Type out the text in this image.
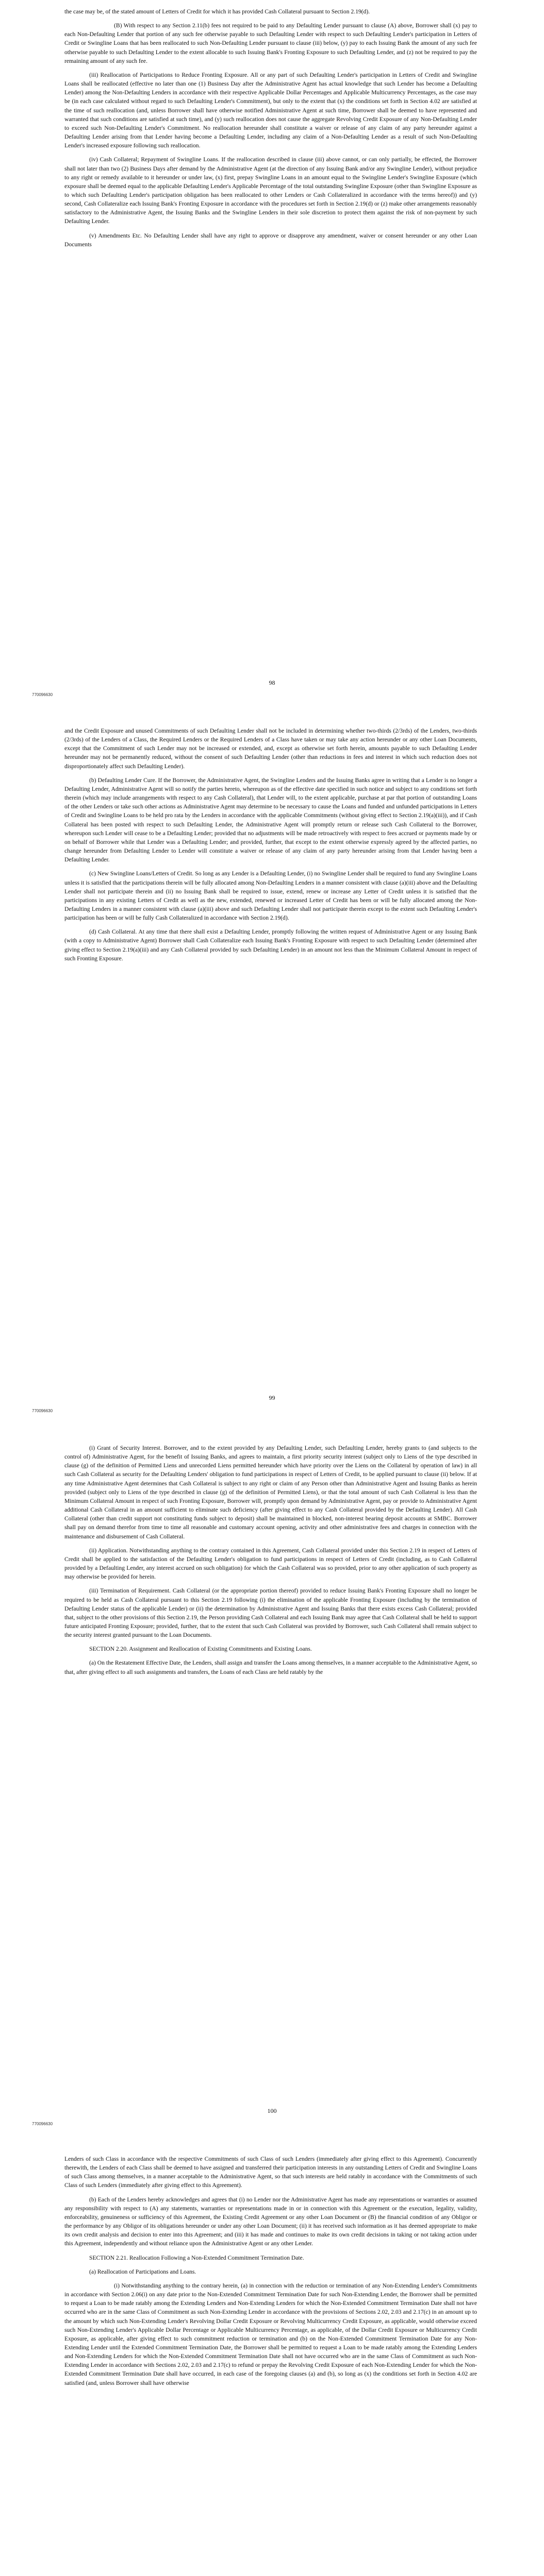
the case may be, of the stated amount of Letters of Credit for which it has provided Cash Collateral pursuant to Section 2.19(d).

(B) With respect to any Section 2.11(b) fees not required to be paid to any Defaulting Lender pursuant to clause (A) above, Borrower shall (x) pay to each Non-Defaulting Lender that portion of any such fee otherwise payable to such Defaulting Lender with respect to such Defaulting Lender's participation in Letters of Credit or Swingline Loans that has been reallocated to such Non-Defaulting Lender pursuant to clause (iii) below, (y) pay to each Issuing Bank the amount of any such fee otherwise payable to such Defaulting Lender to the extent allocable to such Issuing Bank's Fronting Exposure to such Defaulting Lender, and (z) not be required to pay the remaining amount of any such fee.

(iii) Reallocation of Participations to Reduce Fronting Exposure. All or any part of such Defaulting Lender's participation in Letters of Credit and Swingline Loans shall be reallocated (effective no later than one (1) Business Day after the Administrative Agent has actual knowledge that such Lender has become a Defaulting Lender) among the Non-Defaulting Lenders in accordance with their respective Applicable Dollar Percentages and Applicable Multicurrency Percentages, as the case may be (in each case calculated without regard to such Defaulting Lender's Commitment), but only to the extent that (x) the conditions set forth in Section 4.02 are satisfied at the time of such reallocation (and, unless Borrower shall have otherwise notified Administrative Agent at such time, Borrower shall be deemed to have represented and warranted that such conditions are satisfied at such time), and (y) such reallocation does not cause the aggregate Revolving Credit Exposure of any Non-Defaulting Lender to exceed such Non-Defaulting Lender's Commitment. No reallocation hereunder shall constitute a waiver or release of any claim of any party hereunder against a Defaulting Lender arising from that Lender having become a Defaulting Lender, including any claim of a Non-Defaulting Lender as a result of such Non-Defaulting Lender's increased exposure following such reallocation.

(iv) Cash Collateral; Repayment of Swingline Loans. If the reallocation described in clause (iii) above cannot, or can only partially, be effected, the Borrower shall not later than two (2) Business Days after demand by the Administrative Agent (at the direction of any Issuing Bank and/or any Swingline Lender), without prejudice to any right or remedy available to it hereunder or under law, (x) first, prepay Swingline Loans in an amount equal to the Swingline Lender's Swingline Exposure (which exposure shall be deemed equal to the applicable Defaulting Lender's Applicable Percentage of the total outstanding Swingline Exposure (other than Swingline Exposure as to which such Defaulting Lender's participation obligation has been reallocated to other Lenders or Cash Collateralized in accordance with the terms hereof)) and (y) second, Cash Collateralize each Issuing Bank's Fronting Exposure in accordance with the procedures set forth in Section 2.19(d) or (z) make other arrangements reasonably satisfactory to the Administrative Agent, the Issuing Banks and the Swingline Lenders in their sole discretion to protect them against the risk of non-payment by such Defaulting Lender.

(v) Amendments Etc. No Defaulting Lender shall have any right to approve or disapprove any amendment, waiver or consent hereunder or any other Loan Documents

98
770096630

and the Credit Exposure and unused Commitments of such Defaulting Lender shall not be included in determining whether two-thirds (2/3rds) of the Lenders, two-thirds (2/3rds) of the Lenders of a Class, the Required Lenders or the Required Lenders of a Class have taken or may take any action hereunder or any other Loan Documents, except that the Commitment of such Lender may not be increased or extended, and, except as otherwise set forth herein, amounts payable to such Defaulting Lender hereunder may not be permanently reduced, without the consent of such Defaulting Lender (other than reductions in fees and interest in which such reduction does not disproportionately affect such Defaulting Lender).

(b) Defaulting Lender Cure. If the Borrower, the Administrative Agent, the Swingline Lenders and the Issuing Banks agree in writing that a Lender is no longer a Defaulting Lender, Administrative Agent will so notify the parties hereto, whereupon as of the effective date specified in such notice and subject to any conditions set forth therein (which may include arrangements with respect to any Cash Collateral), that Lender will, to the extent applicable, purchase at par that portion of outstanding Loans of the other Lenders or take such other actions as Administrative Agent may determine to be necessary to cause the Loans and funded and unfunded participations in Letters of Credit and Swingline Loans to be held pro rata by the Lenders in accordance with the applicable Commitments (without giving effect to Section 2.19(a)(iii)), and if Cash Collateral has been posted with respect to such Defaulting Lender, the Administrative Agent will promptly return or release such Cash Collateral to the Borrower, whereupon such Lender will cease to be a Defaulting Lender; provided that no adjustments will be made retroactively with respect to fees accrued or payments made by or on behalf of Borrower while that Lender was a Defaulting Lender; and provided, further, that except to the extent otherwise expressly agreed by the affected parties, no change hereunder from Defaulting Lender to Lender will constitute a waiver or release of any claim of any party hereunder arising from that Lender having been a Defaulting Lender.

(c) New Swingline Loans/Letters of Credit. So long as any Lender is a Defaulting Lender, (i) no Swingline Lender shall be required to fund any Swingline Loans unless it is satisfied that the participations therein will be fully allocated among Non-Defaulting Lenders in a manner consistent with clause (a)(iii) above and the Defaulting Lender shall not participate therein and (ii) no Issuing Bank shall be required to issue, extend, renew or increase any Letter of Credit unless it is satisfied that the participations in any existing Letters of Credit as well as the new, extended, renewed or increased Letter of Credit has been or will be fully allocated among the Non-Defaulting Lenders in a manner consistent with clause (a)(iii) above and such Defaulting Lender shall not participate therein except to the extent such Defaulting Lender's participation has been or will be fully Cash Collateralized in accordance with Section 2.19(d).

(d) Cash Collateral. At any time that there shall exist a Defaulting Lender, promptly following the written request of Administrative Agent or any Issuing Bank (with a copy to Administrative Agent) Borrower shall Cash Collateralize each Issuing Bank's Fronting Exposure with respect to such Defaulting Lender (determined after giving effect to Section 2.19(a)(iii) and any Cash Collateral provided by such Defaulting Lender) in an amount not less than the Minimum Collateral Amount in respect of such Fronting Exposure.

99
770096630

(i) Grant of Security Interest. Borrower, and to the extent provided by any Defaulting Lender, such Defaulting Lender, hereby grants to (and subjects to the control of) Administrative Agent, for the benefit of Issuing Banks, and agrees to maintain, a first priority security interest (subject only to Liens of the type described in clause (g) of the definition of Permitted Liens and unrecorded Liens permitted hereunder which have priority over the Liens on the Collateral by operation of law) in all such Cash Collateral as security for the Defaulting Lenders' obligation to fund participations in respect of Letters of Credit, to be applied pursuant to clause (ii) below. If at any time Administrative Agent determines that Cash Collateral is subject to any right or claim of any Person other than Administrative Agent and Issuing Banks as herein provided (subject only to Liens of the type described in clause (g) of the definition of Permitted Liens), or that the total amount of such Cash Collateral is less than the Minimum Collateral Amount in respect of such Fronting Exposure, Borrower will, promptly upon demand by Administrative Agent, pay or provide to Administrative Agent additional Cash Collateral in an amount sufficient to eliminate such deficiency (after giving effect to any Cash Collateral provided by the Defaulting Lender). All Cash Collateral (other than credit support not constituting funds subject to deposit) shall be maintained in blocked, non-interest bearing deposit accounts at SMBC. Borrower shall pay on demand therefor from time to time all reasonable and customary account opening, activity and other administrative fees and charges in connection with the maintenance and disbursement of Cash Collateral.

(ii) Application. Notwithstanding anything to the contrary contained in this Agreement, Cash Collateral provided under this Section 2.19 in respect of Letters of Credit shall be applied to the satisfaction of the Defaulting Lender's obligation to fund participations in respect of Letters of Credit (including, as to Cash Collateral provided by a Defaulting Lender, any interest accrued on such obligation) for which the Cash Collateral was so provided, prior to any other application of such property as may otherwise be provided for herein.

(iii) Termination of Requirement. Cash Collateral (or the appropriate portion thereof) provided to reduce Issuing Bank's Fronting Exposure shall no longer be required to be held as Cash Collateral pursuant to this Section 2.19 following (i) the elimination of the applicable Fronting Exposure (including by the termination of Defaulting Lender status of the applicable Lender) or (ii) the determination by Administrative Agent and Issuing Banks that there exists excess Cash Collateral; provided that, subject to the other provisions of this Section 2.19, the Person providing Cash Collateral and each Issuing Bank may agree that Cash Collateral shall be held to support future anticipated Fronting Exposure; provided, further, that to the extent that such Cash Collateral was provided by Borrower, such Cash Collateral shall remain subject to the security interest granted pursuant to the Loan Documents.

SECTION 2.20. Assignment and Reallocation of Existing Commitments and Existing Loans.

(a) On the Restatement Effective Date, the Lenders, shall assign and transfer the Loans among themselves, in a manner acceptable to the Administrative Agent, so that, after giving effect to all such assignments and transfers, the Loans of each Class are held ratably by the

100
770096630

Lenders of such Class in accordance with the respective Commitments of such Class of such Lenders (immediately after giving effect to this Agreement). Concurrently therewith, the Lenders of each Class shall be deemed to have assigned and transferred their participation interests in any outstanding Letters of Credit and Swingline Loans of such Class among themselves, in a manner acceptable to the Administrative Agent, so that such interests are held ratably in accordance with the Commitments of such Class of such Lenders (immediately after giving effect to this Agreement).

(b) Each of the Lenders hereby acknowledges and agrees that (i) no Lender nor the Administrative Agent has made any representations or warranties or assumed any responsibility with respect to (A) any statements, warranties or representations made in or in connection with this Agreement or the execution, legality, validity, enforceability, genuineness or sufficiency of this Agreement, the Existing Credit Agreement or any other Loan Document or (B) the financial condition of any Obligor or the performance by any Obligor of its obligations hereunder or under any other Loan Document; (ii) it has received such information as it has deemed appropriate to make its own credit analysis and decision to enter into this Agreement; and (iii) it has made and continues to make its own credit decisions in taking or not taking action under this Agreement, independently and without reliance upon the Administrative Agent or any other Lender.

SECTION 2.21. Reallocation Following a Non-Extended Commitment Termination Date.

(a) Reallocation of Participations and Loans.

(i) Notwithstanding anything to the contrary herein, (a) in connection with the reduction or termination of any Non-Extending Lender's Commitments in accordance with Section 2.06(i) on any date prior to the Non-Extended Commitment Termination Date for such Non-Extending Lender, the Borrower shall be permitted to request a Loan to be made ratably among the Extending Lenders and Non-Extending Lenders for which the Non-Extended Commitment Termination Date shall not have occurred who are in the same Class of Commitment as such Non-Extending Lender in accordance with the provisions of Sections 2.02, 2.03 and 2.17(c) in an amount up to the amount by which such Non-Extending Lender's Revolving Dollar Credit Exposure or Revolving Multicurrency Credit Exposure, as applicable, would otherwise exceed such Non-Extending Lender's Applicable Dollar Percentage or Applicable Multicurrency Percentage, as applicable, of the Dollar Credit Exposure or Multicurrency Credit Exposure, as applicable, after giving effect to such commitment reduction or termination and (b) on the Non-Extended Commitment Termination Date for any Non-Extending Lender until the Extended Commitment Termination Date, the Borrower shall be permitted to request a Loan to be made ratably among the Extending Lenders and Non-Extending Lenders for which the Non-Extended Commitment Termination Date shall not have occurred who are in the same Class of Commitment as such Non-Extending Lender in accordance with Sections 2.02, 2.03 and 2.17(c) to refund or prepay the Revolving Credit Exposure of each Non-Extending Lender for which the Non-Extended Commitment Termination Date shall have occurred, in each case of the foregoing clauses (a) and (b), so long as (x) the conditions set forth in Section 4.02 are satisfied (and, unless Borrower shall have otherwise
